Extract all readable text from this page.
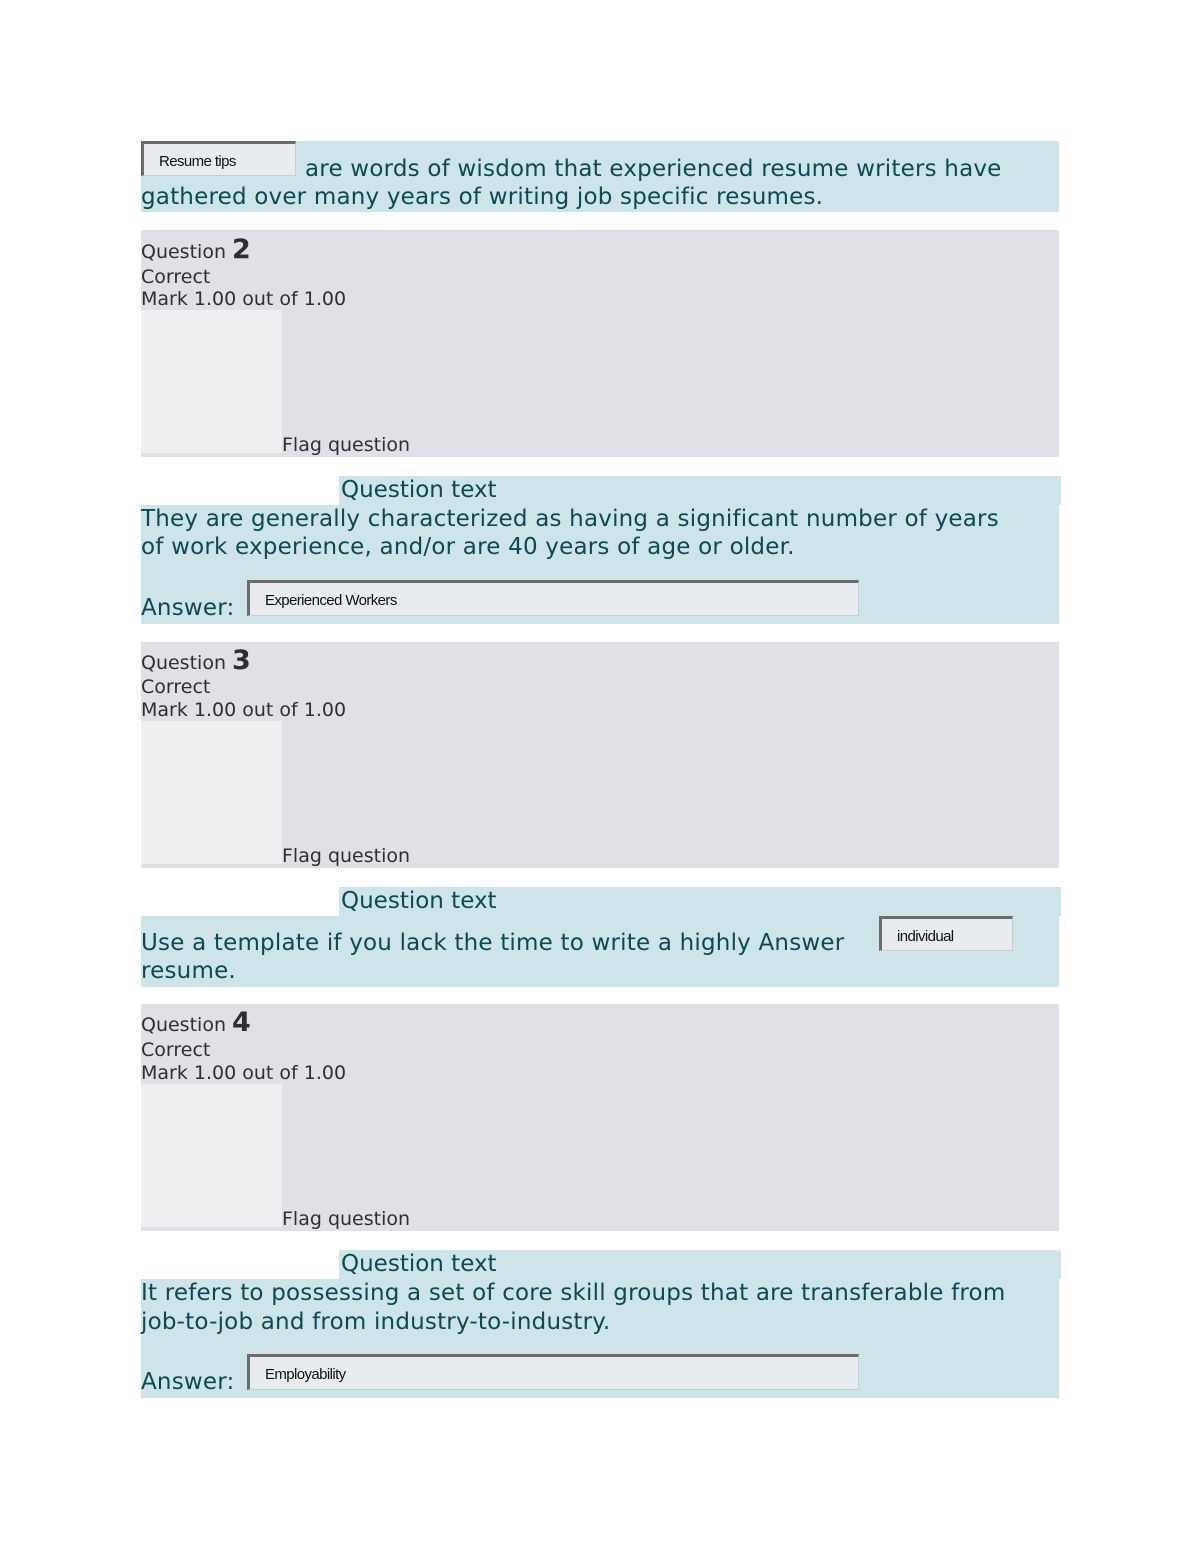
Resume tips	are words of wisdom that experienced resume writers have
gathered over many years of writing job specific resumes.
Question 2
Correct
Mark 1.00 out of 1.00
Flag question
Question text
They are generally characterized as having a significant number of years
of work experience, and/or are 40 years of age or older.
Answer:	Experienced Workers
Question 3
Correct
Mark 1.00 out of 1.00
Flag question
Question text
Use a template if you lack the time to write a highly Answer	individual
resume.
Question 4
Correct
Mark 1.00 out of 1.00
Flag question
Question text
It refers to possessing a set of core skill groups that are transferable from
job-to-job and from industry-to-industry.
Answer:	Employability
